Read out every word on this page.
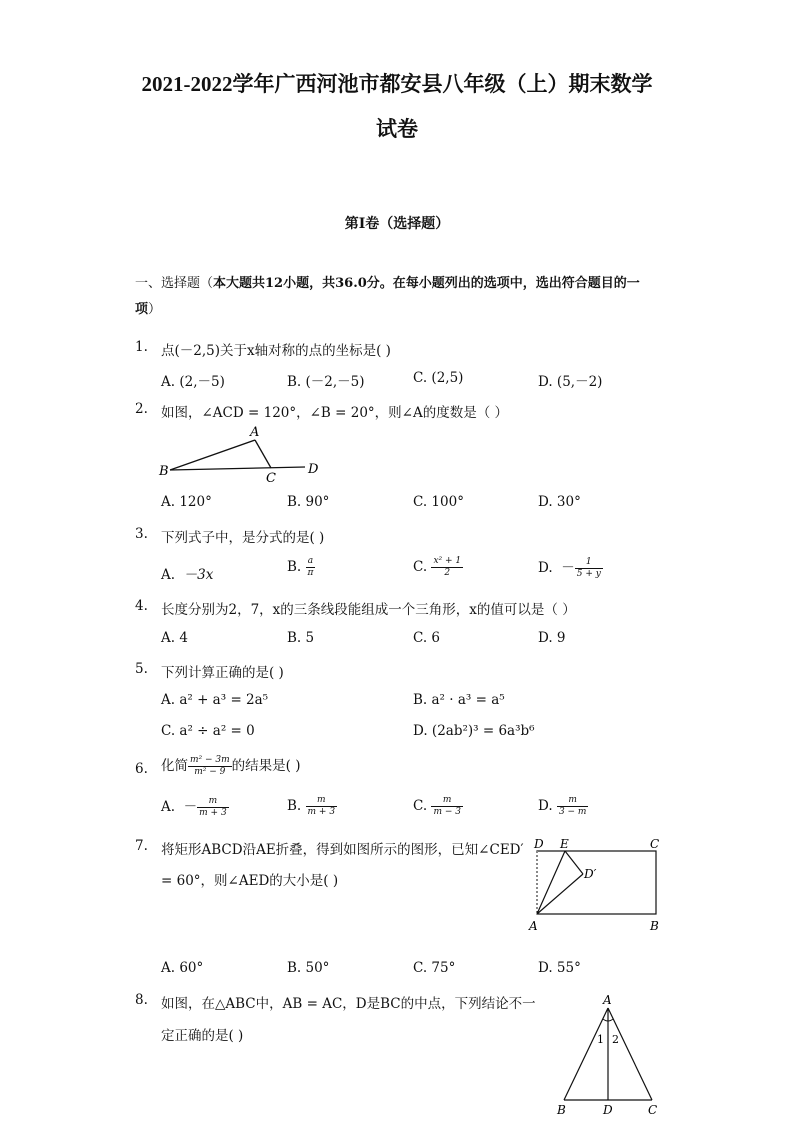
2021-2022学年广西河池市都安县八年级（上）期末数学
试卷
第I卷（选择题）
一、选择题（本大题共12小题，共36.0分。在每小题列出的选项中，选出符合题目的一项）
1. 点(－2,5)关于x轴对称的点的坐标是( )
A. (2,－5)	B. (－2,－5)	C. (2,5)	D. (5,－2)
2. 如图，∠ACD = 120°，∠B = 20°，则∠A的度数是（ ）
A
B	C
D
A. 120°	B. 90°	C. 100°	D. 30°
3. 下列式子中，是分式的是( )
A. －3x	B. $\frac{a}{\pi}$	C. $\frac{\text{x² + 1}}{2}$	D. － $\frac{1}{5 + y}$
4. 长度分别为2，7，x的三条线段能组成一个三角形，x的值可以是（ ）
A. 4	B. 5	C. 6	D. 9
5. 下列计算正确的是( )
A. a² + a³ = 2a⁵	B. a² · a³ = a⁵
C. a² ÷ a² = 0	D. (2ab²)³ = 6a³b⁶
6. 化简 $\frac{\text{m² − 3m}}{\text{m² − 9}}$ 的结果是( )
A. － $\frac{m}{m + 3}$	B. $\frac{m}{m + 3}$	C. $\frac{m}{m - 3}$	D. $\frac{m}{3 - m}$
7. 将矩形ABCD沿AE折叠，得到如图所示的图形，已知∠CED′
= 60°，则∠AED的大小是( )
D E	C
D′
A	B
A. 60°	B. 50°	C. 75°	D. 55°
8. 如图，在△ABC中，AB = AC，D是BC的中点，下列结论不一
定正确的是( )
A
1 2
B	D	C
